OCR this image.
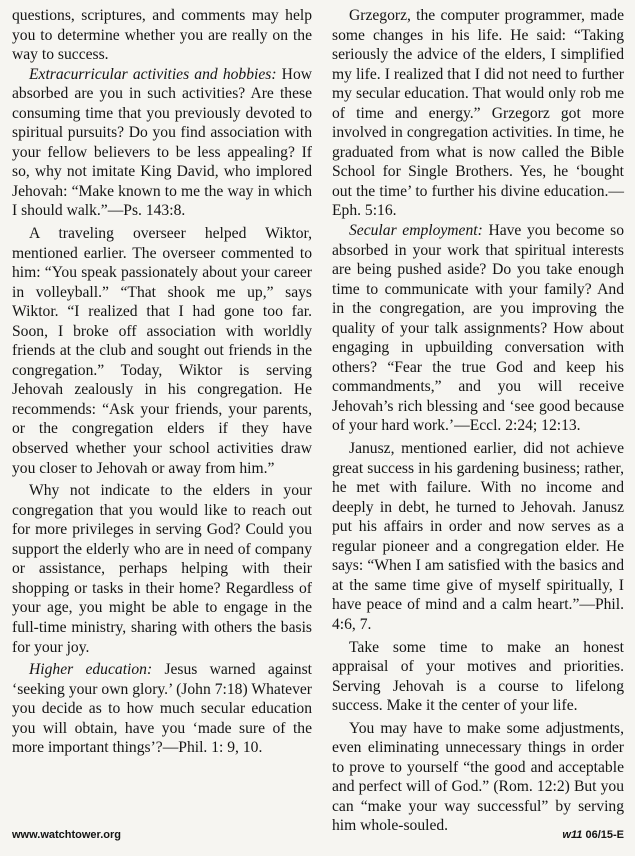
questions, scriptures, and comments may help you to determine whether you are really on the way to success.

Extracurricular activities and hobbies: How absorbed are you in such activities? Are these consuming time that you previously devoted to spiritual pursuits? Do you find association with your fellow believers to be less appealing? If so, why not imitate King David, who implored Jehovah: “Make known to me the way in which I should walk.”—Ps. 143:8.

A traveling overseer helped Wiktor, mentioned earlier. The overseer commented to him: “You speak passionately about your career in volleyball.” “That shook me up,” says Wiktor. “I realized that I had gone too far. Soon, I broke off association with worldly friends at the club and sought out friends in the congregation.” Today, Wiktor is serving Jehovah zealously in his congregation. He recommends: “Ask your friends, your parents, or the congregation elders if they have observed whether your school activities draw you closer to Jehovah or away from him.”

Why not indicate to the elders in your congregation that you would like to reach out for more privileges in serving God? Could you support the elderly who are in need of company or assistance, perhaps helping with their shopping or tasks in their home? Regardless of your age, you might be able to engage in the full-time ministry, sharing with others the basis for your joy.

Higher education: Jesus warned against ‘seeking your own glory.’ (John 7:18) Whatever you decide as to how much secular education you will obtain, have you ‘made sure of the more important things’?—Phil. 1: 9, 10.

Grzegorz, the computer programmer, made some changes in his life. He said: “Taking seriously the advice of the elders, I simplified my life. I realized that I did not need to further my secular education. That would only rob me of time and energy.” Grzegorz got more involved in congregation activities. In time, he graduated from what is now called the Bible School for Single Brothers. Yes, he ‘bought out the time’ to further his divine education.—Eph. 5:16.

Secular employment: Have you become so absorbed in your work that spiritual interests are being pushed aside? Do you take enough time to communicate with your family? And in the congregation, are you improving the quality of your talk assignments? How about engaging in upbuilding conversation with others? “Fear the true God and keep his commandments,” and you will receive Jehovah’s rich blessing and ‘see good because of your hard work.’—Eccl. 2:24; 12:13.

Janusz, mentioned earlier, did not achieve great success in his gardening business; rather, he met with failure. With no income and deeply in debt, he turned to Jehovah. Janusz put his affairs in order and now serves as a regular pioneer and a congregation elder. He says: “When I am satisfied with the basics and at the same time give of myself spiritually, I have peace of mind and a calm heart.”—Phil. 4:6, 7.

Take some time to make an honest appraisal of your motives and priorities. Serving Jehovah is a course to lifelong success. Make it the center of your life.

You may have to make some adjustments, even eliminating unnecessary things in order to prove to yourself “the good and acceptable and perfect will of God.” (Rom. 12:2) But you can “make your way successful” by serving him whole-souled.

www.watchtower.org	w11 06/15-E
